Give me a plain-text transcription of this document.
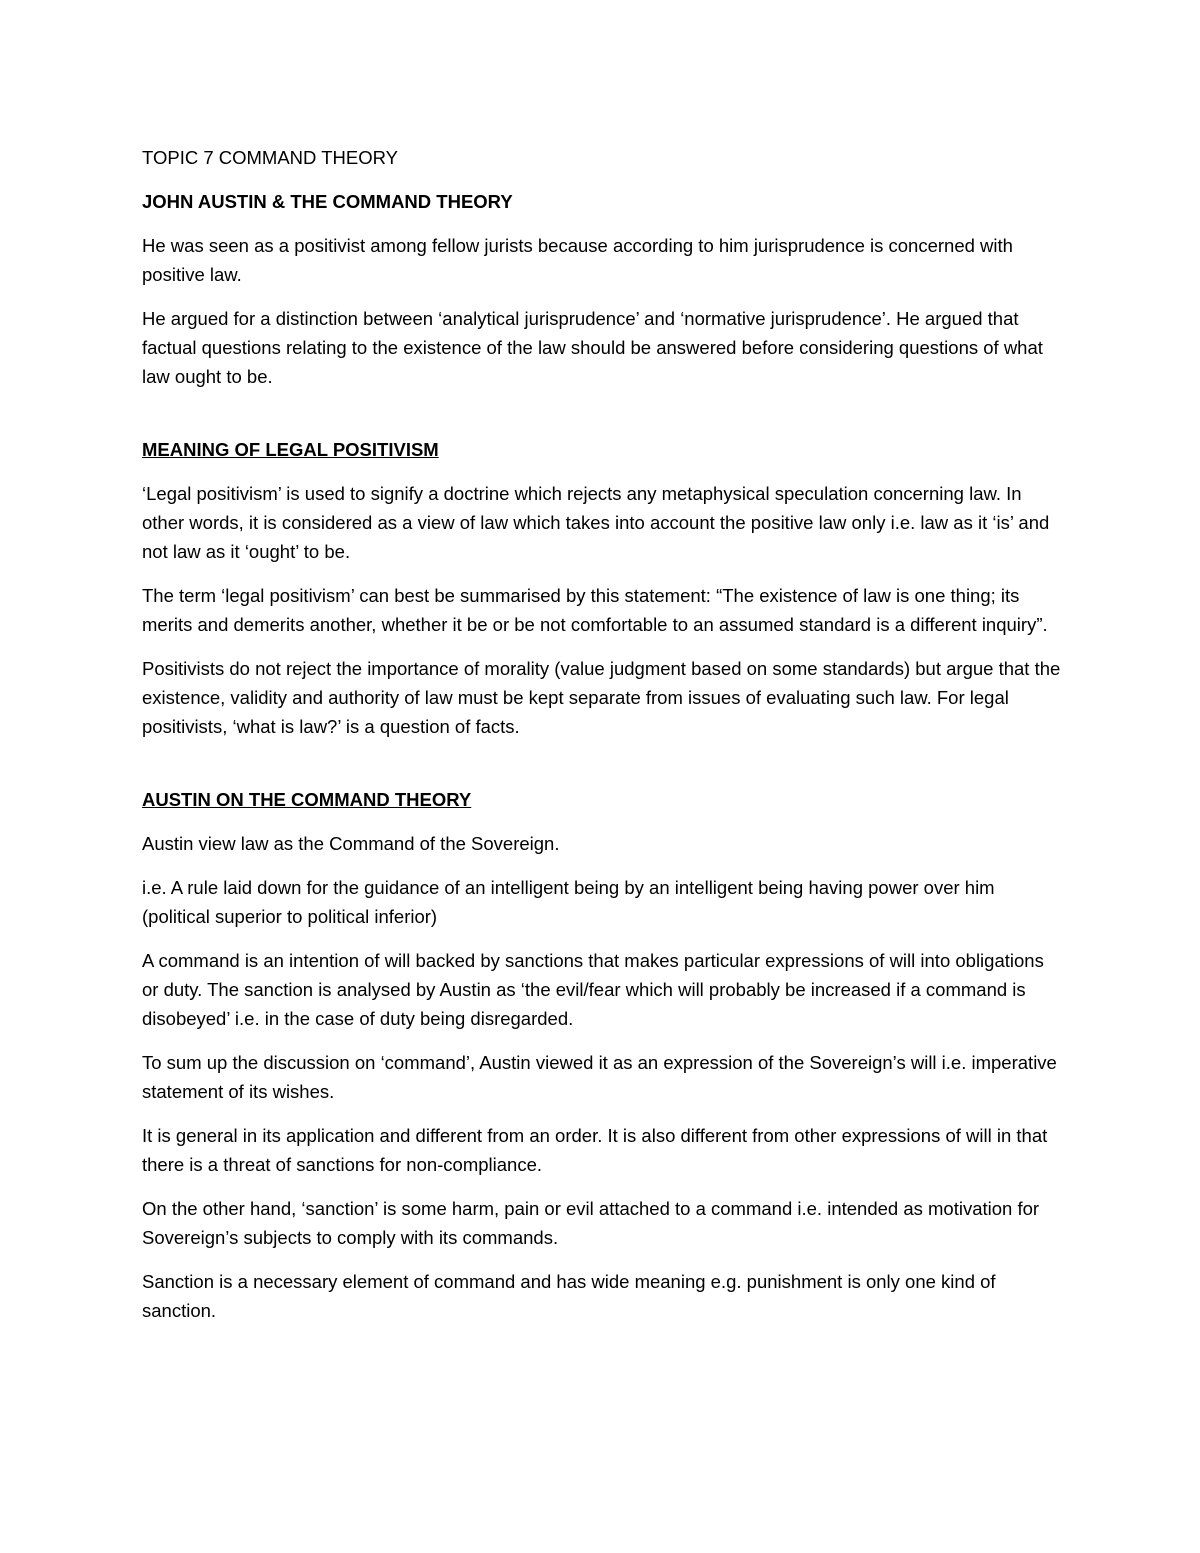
TOPIC 7 COMMAND THEORY

JOHN AUSTIN & THE COMMAND THEORY

He was seen as a positivist among fellow jurists because according to him jurisprudence is concerned with positive law.

He argued for a distinction between ‘analytical jurisprudence’ and ‘normative jurisprudence’. He argued that factual questions relating to the existence of the law should be answered before considering questions of what law ought to be.

MEANING OF LEGAL POSITIVISM

‘Legal positivism’ is used to signify a doctrine which rejects any metaphysical speculation concerning law. In other words, it is considered as a view of law which takes into account the positive law only i.e. law as it ‘is’ and not law as it ‘ought’ to be.

The term ‘legal positivism’ can best be summarised by this statement: “The existence of law is one thing; its merits and demerits another, whether it be or be not comfortable to an assumed standard is a different inquiry”.

Positivists do not reject the importance of morality (value judgment based on some standards) but argue that the existence, validity and authority of law must be kept separate from issues of evaluating such law. For legal positivists, ‘what is law?’ is a question of facts.

AUSTIN ON THE COMMAND THEORY

Austin view law as the Command of the Sovereign.

i.e. A rule laid down for the guidance of an intelligent being by an intelligent being having power over him (political superior to political inferior)

A command is an intention of will backed by sanctions that makes particular expressions of will into obligations or duty. The sanction is analysed by Austin as ‘the evil/fear which will probably be increased if a command is disobeyed’ i.e. in the case of duty being disregarded.

To sum up the discussion on ‘command’, Austin viewed it as an expression of the Sovereign’s will i.e. imperative statement of its wishes.

It is general in its application and different from an order. It is also different from other expressions of will in that there is a threat of sanctions for non-compliance.

On the other hand, ‘sanction’ is some harm, pain or evil attached to a command i.e. intended as motivation for Sovereign’s subjects to comply with its commands.

Sanction is a necessary element of command and has wide meaning e.g. punishment is only one kind of sanction.
